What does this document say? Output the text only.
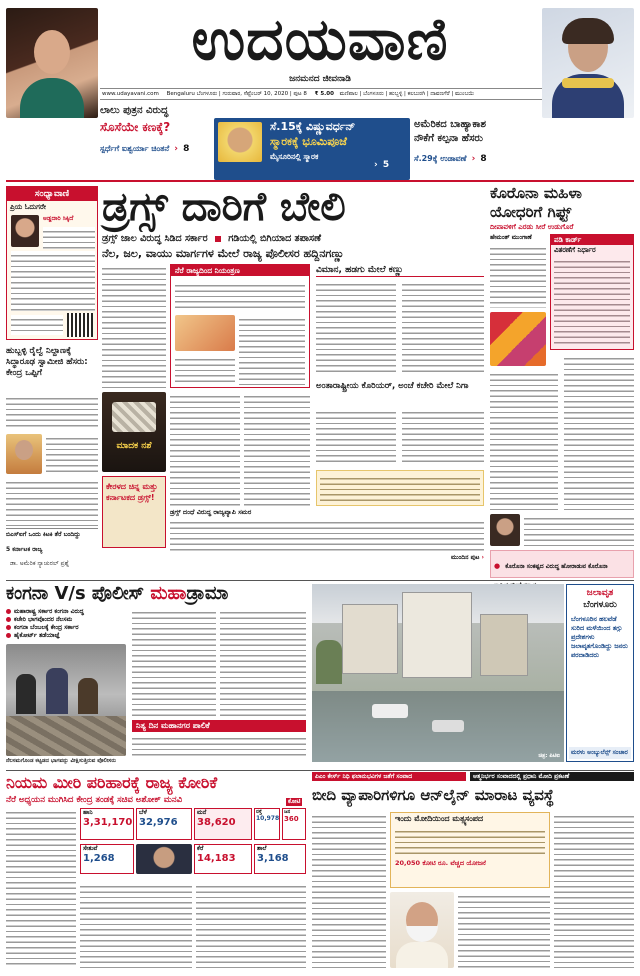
ಉದಯವಾಣಿ
ಜನಮನದ ಜೀವನಾಡಿ
www.udayavani.com Bengaluru ಬೆಂಗಳೂರು | ಗುರುವಾರ, ಸೆಪ್ಟೆಂಬರ್ 10, 2020 | ಪುಟ 8 ₹ 5.00 ಮಣಿಪಾಲ | ಬೆಂಗಳೂರು | ಹುಬ್ಬಳ್ಳಿ | ಕಲಬುರಗಿ | ದಾವಣಗೆರೆ | ಮುಂಬಯಿ
ಲಾಲು ಪುತ್ರನ ವಿರುದ್ಧ
ಸೊಸೆಯೇ ಕಣಕ್ಕೆ?
ಸ್ಪರ್ಧೆಗೆ ಐಶ್ವರ್ಯಾ ಚಿಂತನೆ › 8
ಸೆ.15ಕ್ಕೆ ವಿಷ್ಣುವರ್ಧನ್
ಸ್ಮಾರಕಕ್ಕೆ ಭೂಮಿಪೂಜೆ
ಮೈಸೂರಿನಲ್ಲಿ ಸ್ಮಾರಕ
› 5
ಅಮೆರಿಕದ ಬಾಹ್ಯಾಕಾಶ
ನೌಕೆಗೆ ಕಲ್ಪನಾ ಹೆಸರು
ಸೆ.29ಕ್ಕೆ ಉಡಾವಣೆ › 8
ಸಂಧ್ಯಾವಾಣಿ
ಪ್ರಿಯ ಓದುಗರೇ
ಅಡ್ಡದಾರಿ ಸಿಕ್ಕಿದೆ
ಹುಬ್ಬಳ್ಳಿ ರೈಲ್ವೆ ನಿಲ್ದಾಣಕ್ಕೆ ಸಿದ್ಧಾರೂಢ ಸ್ವಾಮೀಜಿ ಹೆಸರು: ಕೇಂದ್ರ ಒಪ್ಪಿಗೆ
ಬಿಎಸ್ಐಗೆ ಒಂದು ಕಿಟಕಿ ತೆರೆ ಬಂದಿದ್ದು
5 ಕರ್ನಾಟಕ ರಾಜ್ಯ
ಡಾ. ಅಮೆರಿಕ ನ್ಯಾಚುರಲ್ ಪ್ರಶ್ನೆ
ಡ್ರಗ್ಸ್ ದಾರಿಗೆ ಬೇಲಿ
ಡ್ರಗ್ಸ್ ಜಾಲ ವಿರುದ್ಧ ಸಿಡಿದ ಸರ್ಕಾರ ಗಡಿಯಲ್ಲಿ ಬಿಗಿಯಾದ ತಪಾಸಣೆ
ನೆಲ, ಜಲ, ವಾಯು ಮಾರ್ಗಗಳ ಮೇಲೆ ರಾಜ್ಯ ಪೊಲೀಸರ ಹದ್ದಿನಗಣ್ಣು
ನೆರೆ ರಾಜ್ಯದಿಂದ ನಿಯಂತ್ರಣ
ಮಾದಕ ನಶೆ
ಕೇರಳದ ಚಿನ್ನ ಮತ್ತು ಕರ್ನಾಟಕದ ಡ್ರಗ್ಸ್!
ವಿಮಾನ, ಹಡಗು ಮೇಲೆ ಕಣ್ಣು
ಅಂತಾರಾಷ್ಟ್ರೀಯ ಕೊರಿಯರ್, ಅಂಚೆ ಕಚೇರಿ ಮೇಲೆ ನಿಗಾ
ಡ್ರಗ್ಸ್ ದಂಧೆ ವಿರುದ್ಧ ರಾಜ್ಯವ್ಯಾಪಿ ಸಮರ
ಮುಂದಿನ ಪುಟ ›
ಕೊರೊನಾ ಮಹಿಳಾ
ಯೋಧರಿಗೆ ಗಿಫ್ಟ್
ದೀಪಾವಳಿಗೆ ಎರಡು ಸೀರೆ ಉಡುಗೊರೆ
ಹೇಮಂತ್ ಮುಂಗಾಣೆ	ಪಡಿ ಕಾರ್ಡ್
ವಿತರಣೆಗೆ ನಿರ್ಧಾರ
● ಕೊರೊನಾ ಸಂಕಷ್ಟದ ವಿರುದ್ಧ ಹೋರಾಡುವ ಕೊರೊನಾ
ಕಂಗನಾ V/s ಪೊಲೀಸ್ ಮಹಾಡ್ರಾಮಾ
ಮಹಾರಾಷ್ಟ್ರ ಸರ್ಕಾರ ಕಂಗನಾ ವಿರುದ್ಧ
ಕಚೇರಿ ಭಾಗವೊಂದರ ನೆಲಸಮ
ಕಂಗನಾ ಬೆಂಬಲಕ್ಕೆ ಕೇಂದ್ರ ಸರ್ಕಾರ
ಹೈಕೋರ್ಟ್ ತಡೆಯಾಜ್ಞೆ
ನೆಲಸಮಗೊಂಡ ಕಟ್ಟಡದ ಭಾಗವನ್ನು ವೀಕ್ಷಿಸುತ್ತಿರುವ ಪೊಲೀಸರು
ನಿತ್ಯ ದಿನ ಮಹಾನಗರ ಪಾಲಿಕೆ
ಚಿತ್ರ: ಪಿಟಿಐ
ಜಲಾವೃತ
ಬೆಂಗಳೂರು
ಬೆಂಗಳೂರಿನ ಹಲವೆಡೆ ಸುರಿದ ಮಳೆಯಿಂದ ತಗ್ಗು ಪ್ರದೇಶಗಳು ಜಲಾವೃತಗೊಂಡಿದ್ದು ಜನರು ಪರದಾಡಿದರು
ಮರಳು ಅಂಬ್ಯುಲೆನ್ಸ್ ಸಂಚಾರ
ನಿಯಮ ಮೀರಿ ಪರಿಹಾರಕ್ಕೆ ರಾಜ್ಯ ಕೋರಿಕೆ
ನೆರೆ ಅಧ್ಯಯನ ಮುಗಿಸಿದ ಕೇಂದ್ರ ತಂಡಕ್ಕೆ ಸಚಿವ ಅಶೋಕ್ ಮನವಿ
ಹಾನಿ
3,31,170
ಬೆಳೆ
32,976
ಮನೆ
38,620
ರಸ್ತೆ
10,978
ಜನ
360
ಸೇತುವೆ
1,268
ಕೆರೆ
14,183
ಶಾಲೆ
3,168
ಕೋಟಿ
ಪಿಎಂ ಕೇರ್ಸ್ ನಿಧಿ ಫಲಾನುಭವಿಗಳ ಜತೆಗೆ ಸಂವಾದ	ಆತ್ಮನಿರ್ಭರ ಸಂವಾದದಲ್ಲಿ ಪ್ರಧಾನಿ ಮೋದಿ ಪ್ರಕಟಣೆ
ಬೀದಿ ವ್ಯಾಪಾರಿಗಳಿಗೂ ಆನ್‌ಲೈನ್ ಮಾರಾಟ ವ್ಯವಸ್ಥೆ
ಇಂದು ಮೋದಿಯಿಂದ ಮತ್ಸ್ಯಸಂಪದ
20,050 ಕೋಟಿ ರೂ. ವೆಚ್ಚದ ಯೋಜನೆ
